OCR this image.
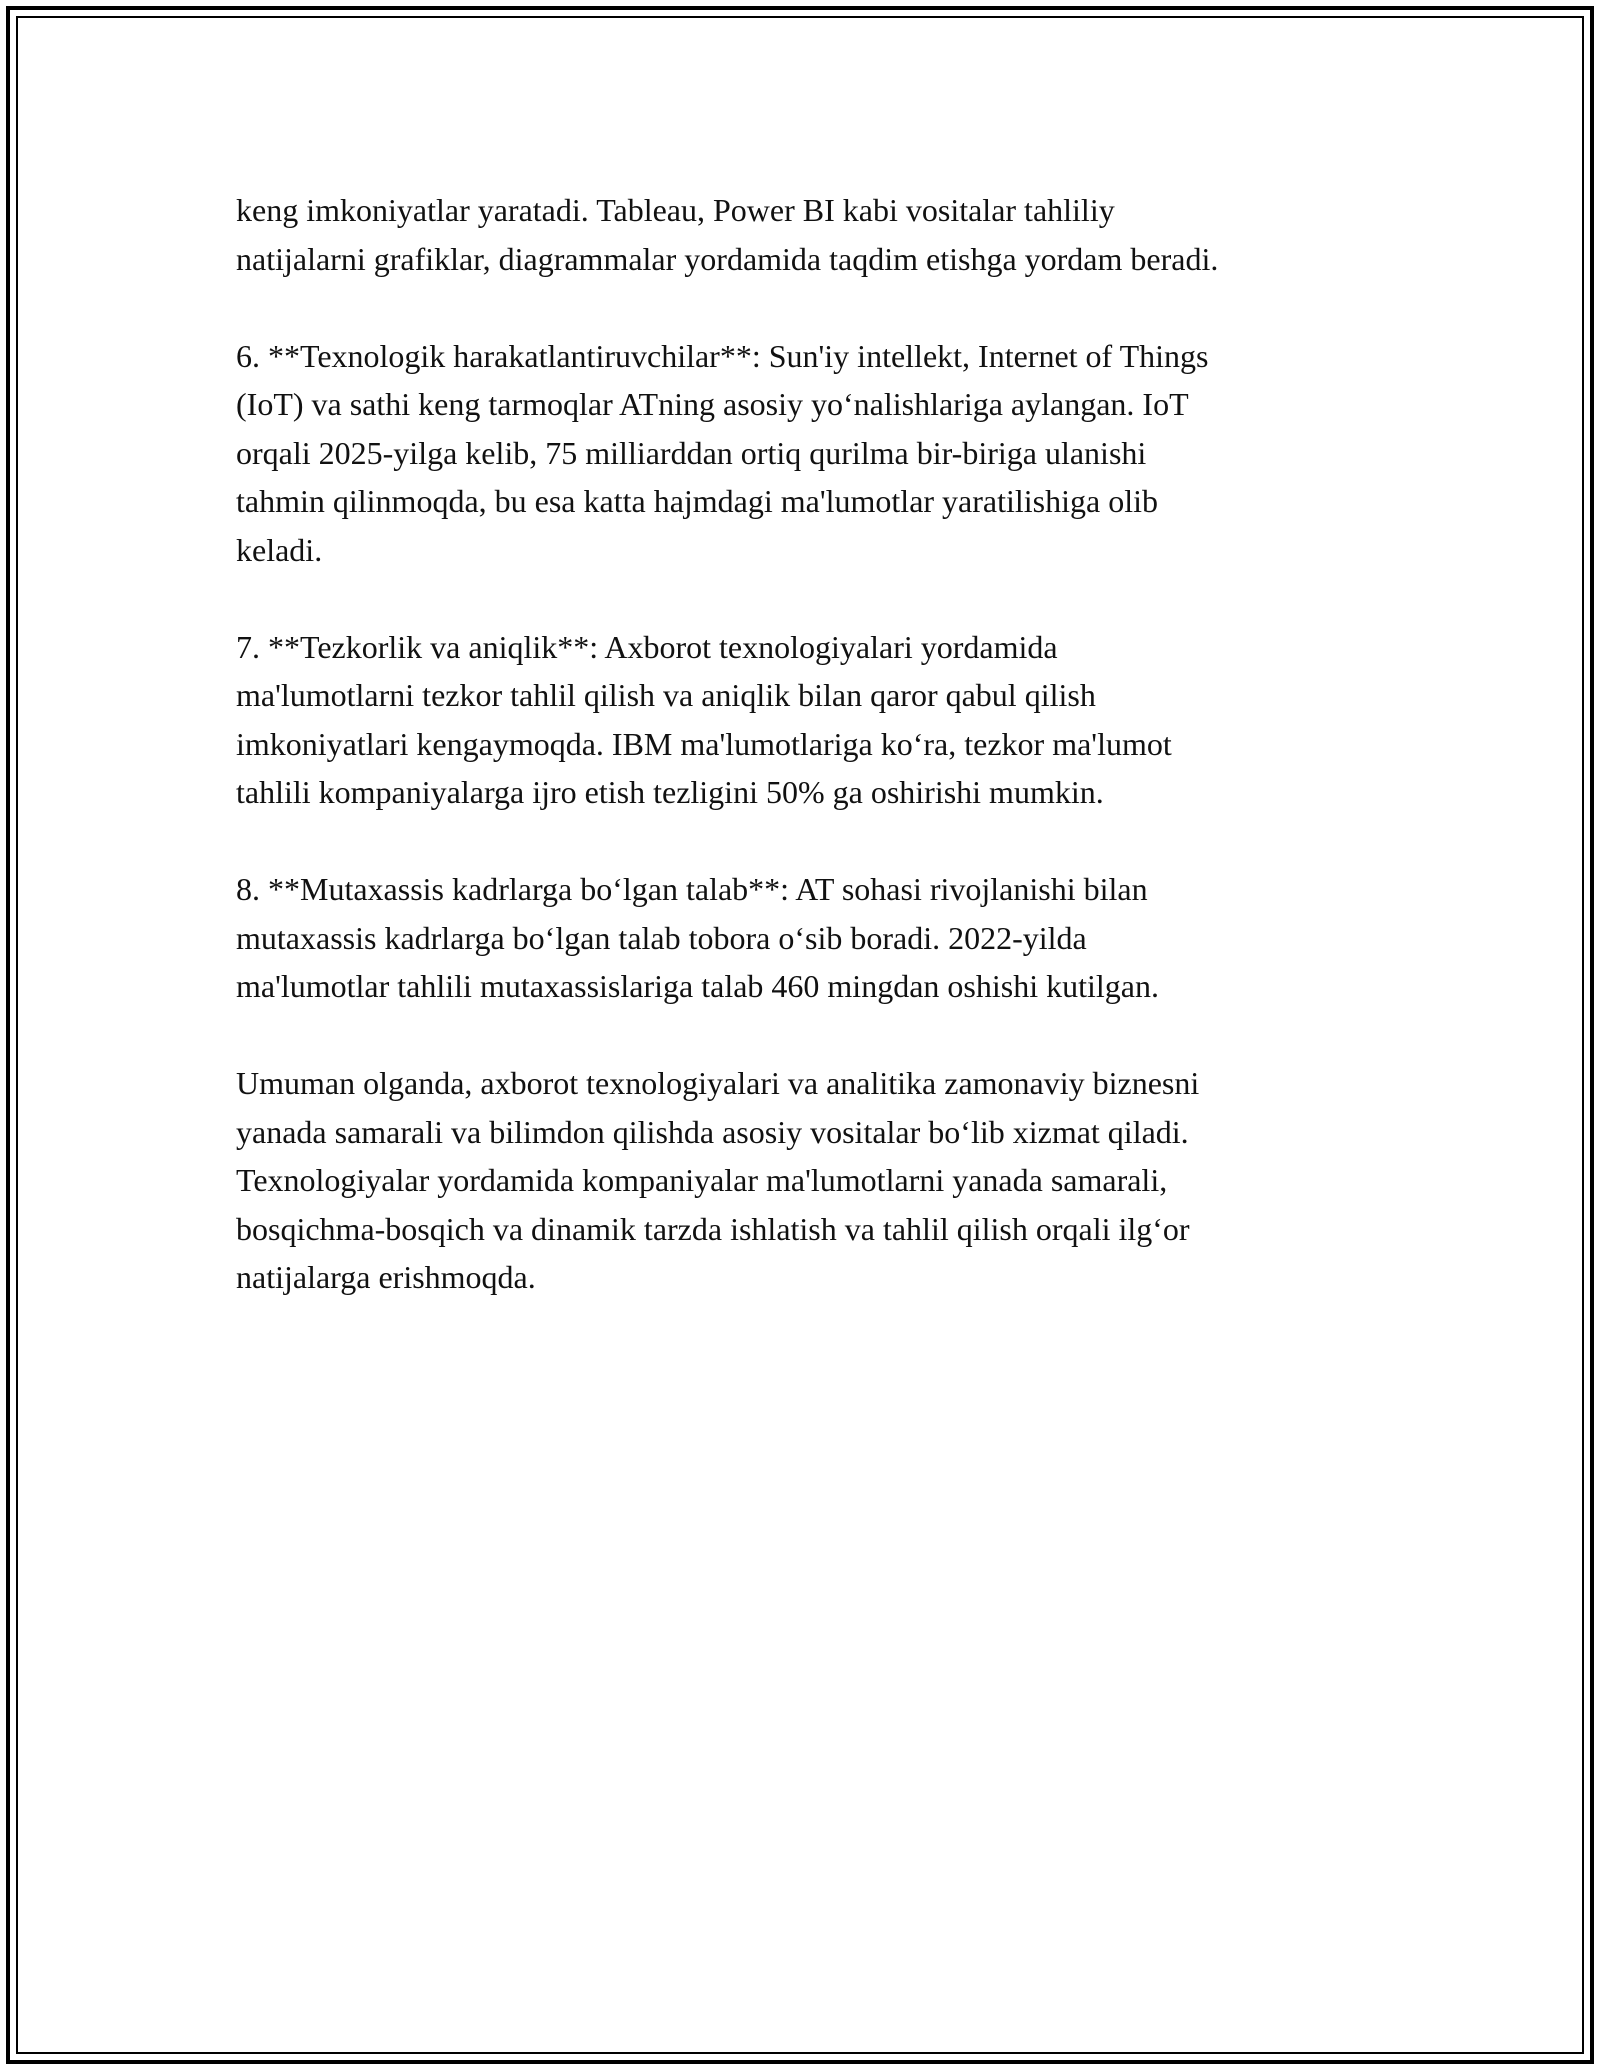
keng imkoniyatlar yaratadi. Tableau, Power BI kabi vositalar tahliliy
natijalarni grafiklar, diagrammalar yordamida taqdim etishga yordam beradi.

6. **Texnologik harakatlantiruvchilar**: Sun'iy intellekt, Internet of Things
(IoT) va sathi keng tarmoqlar ATning asosiy yoʻnalishlariga aylangan. IoT
orqali 2025-yilga kelib, 75 milliarddan ortiq qurilma bir-biriga ulanishi
tahmin qilinmoqda, bu esa katta hajmdagi ma'lumotlar yaratilishiga olib
keladi.

7. **Tezkorlik va aniqlik**: Axborot texnologiyalari yordamida
ma'lumotlarni tezkor tahlil qilish va aniqlik bilan qaror qabul qilish
imkoniyatlari kengaymoqda. IBM ma'lumotlariga koʻra, tezkor ma'lumot
tahlili kompaniyalarga ijro etish tezligini 50% ga oshirishi mumkin.

8. **Mutaxassis kadrlarga boʻlgan talab**: AT sohasi rivojlanishi bilan
mutaxassis kadrlarga boʻlgan talab tobora oʻsib boradi. 2022-yilda
ma'lumotlar tahlili mutaxassislariga talab 460 mingdan oshishi kutilgan.

Umuman olganda, axborot texnologiyalari va analitika zamonaviy biznesni
yanada samarali va bilimdon qilishda asosiy vositalar boʻlib xizmat qiladi.
Texnologiyalar yordamida kompaniyalar ma'lumotlarni yanada samarali,
bosqichma-bosqich va dinamik tarzda ishlatish va tahlil qilish orqali ilgʻor
natijalarga erishmoqda.
